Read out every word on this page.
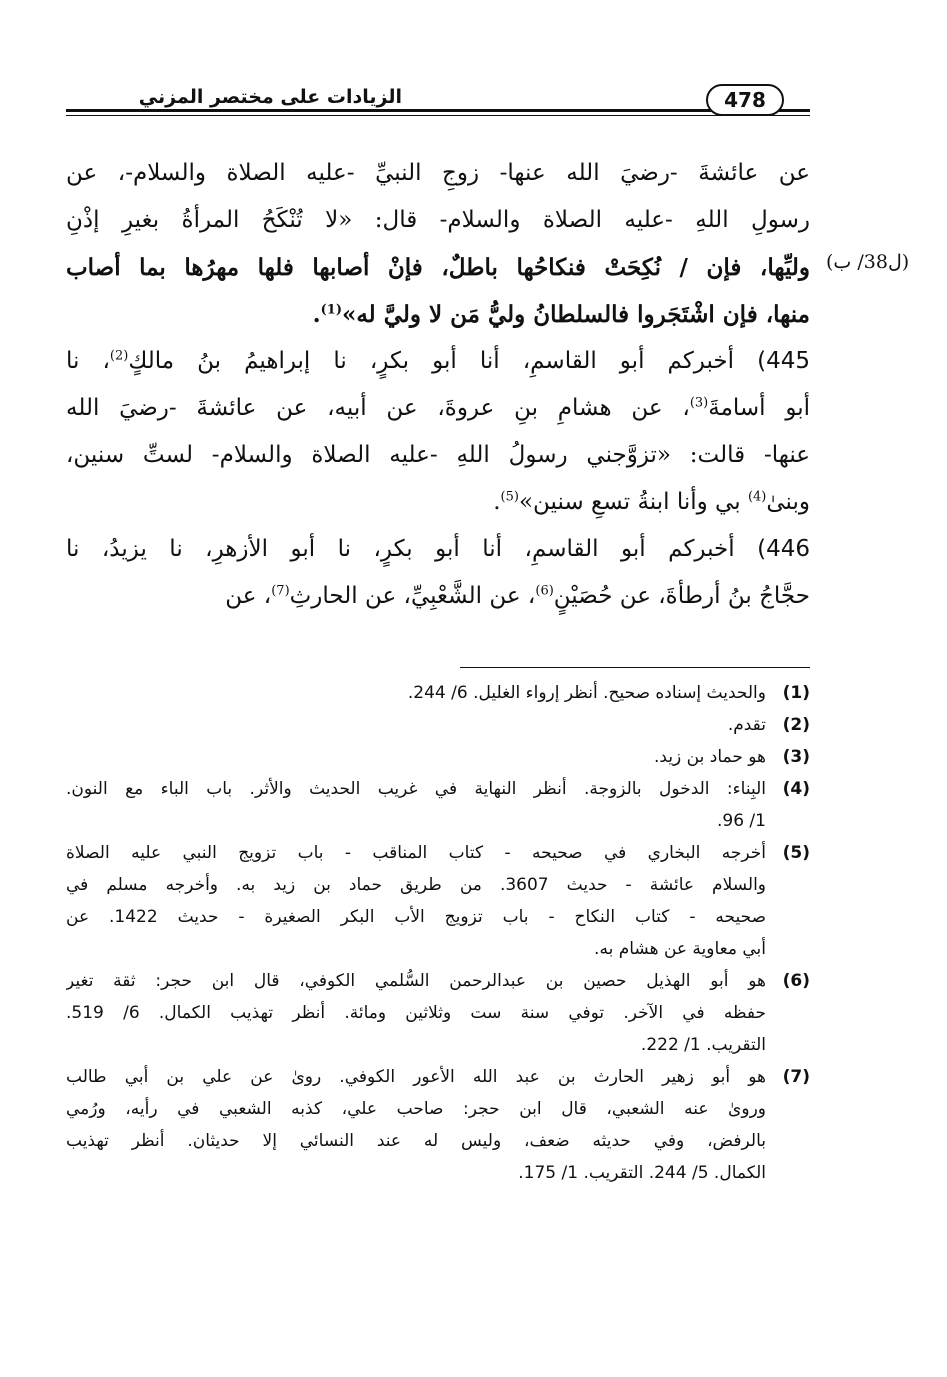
الزيادات على مختصر المزني	478
(ل38/ ب)
عن عائشةَ -رضيَ الله عنها- زوجِ النبيِّ -عليه الصلاة والسلام-، عن
رسولِ اللهِ -عليه الصلاة والسلام- قال: «لا تُنْكَحُ المرأةُ بغيرِ إذْنِ
وليِّها، فإن / نُكِحَتْ فنكاحُها باطلٌ، فإنْ أصابها فلها مهرُها بما أصاب
منها، فإن اشْتَجَروا فالسلطانُ وليُّ مَن لا وليَّ له»$^{(1)}$.
445) أخبركم أبو القاسمِ، أنا أبو بكرٍ، نا إبراهيمُ بنُ مالكٍ$^{(2)}$، نا
أبو أسامةَ$^{(3)}$، عن هشامِ بنِ عروةَ، عن أبيه، عن عائشةَ -رضيَ الله
عنها- قالت: «تزوَّجني رسولُ اللهِ -عليه الصلاة والسلام- لستِّ سنين،
وبنىٰ$^{(4)}$ بي وأنا ابنةُ تسعِ سنين»$^{(5)}$.
446) أخبركم أبو القاسمِ، أنا أبو بكرٍ، نا أبو الأزهرِ، نا يزيدُ، نا
حجَّاجُ بنُ أرطأةَ، عن حُصَيْنٍ$^{(6)}$، عن الشَّعْبِيِّ، عن الحارثِ$^{(7)}$، عن
(1)
والحديث إسناده صحيح. أنظر إرواء الغليل. 6/ 244.
(2)
تقدم.
(3)
هو حماد بن زيد.
(4)
البِناء: الدخول بالزوجة. أنظر النهاية في غريب الحديث والأثر. باب الباء مع النون.
1/ 96.
(5)
أخرجه البخاري في صحيحه - كتاب المناقب - باب تزويج النبي عليه الصلاة
والسلام عائشة - حديث 3607. من طريق حماد بن زيد به. وأخرجه مسلم في
صحيحه - كتاب النكاح - باب تزويج الأب البكر الصغيرة - حديث 1422. عن
أبي معاوية عن هشام به.
(6)
هو أبو الهذيل حصين بن عبدالرحمن السُّلمي الكوفي، قال ابن حجر: ثقة تغير
حفظه في الآخر. توفي سنة ست وثلاثين ومائة. أنظر تهذيب الكمال. 6/ 519.
التقريب. 1/ 222.
(7)
هو أبو زهير الحارث بن عبد الله الأعور الكوفي. روىٰ عن علي بن أبي طالب
وروىٰ عنه الشعبي، قال ابن حجر: صاحب علي، كذبه الشعبي في رأيه، ورُمي
بالرفض، وفي حديثه ضعف، وليس له عند النسائي إلا حديثان. أنظر تهذيب
الكمال. 5/ 244. التقريب. 1/ 175.
